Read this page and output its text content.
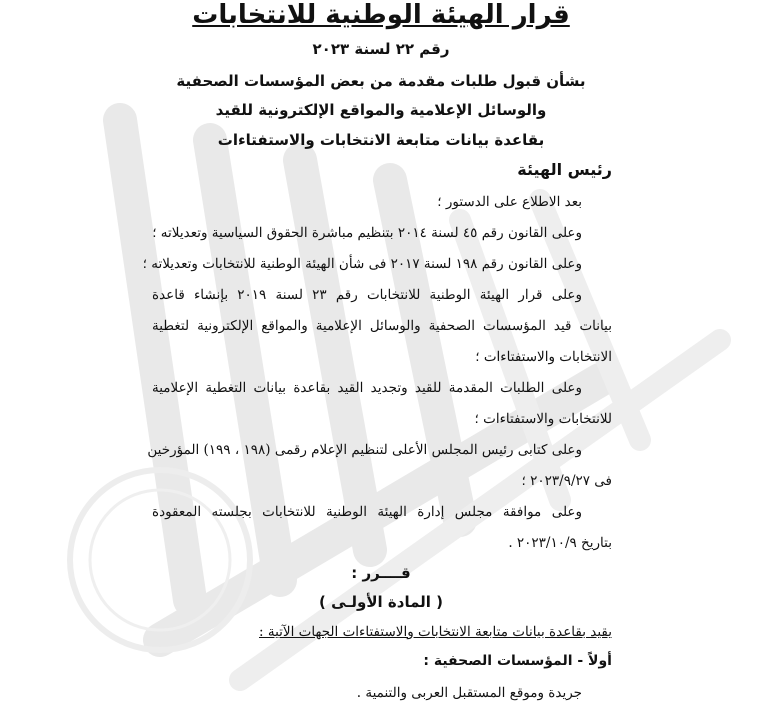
قرار الهيئة الوطنية للانتخابات
رقم ٢٢ لسنة ٢٠٢٣
بشأن قبول طلبات مقدمة من بعض المؤسسات الصحفية
والوسائل الإعلامية والمواقع الإلكترونية للقيد
بقاعدة بيانات متابعة الانتخابات والاستفتاءات
رئيس الهيئة
بعد الاطلاع على الدستور ؛
وعلى القانون رقم ٤٥ لسنة ٢٠١٤ بتنظيم مباشرة الحقوق السياسية وتعديلاته ؛
وعلى القانون رقم ١٩٨ لسنة ٢٠١٧ فى شأن الهيئة الوطنية للانتخابات وتعديلاته ؛
وعلى قرار الهيئة الوطنية للانتخابات رقم ٢٣ لسنة ٢٠١٩ بإنشاء قاعدة
بيانات قيد المؤسسات الصحفية والوسائل الإعلامية والمواقع الإلكترونية لتغطية
الانتخابات والاستفتاءات ؛
وعلى الطلبات المقدمة للقيد وتجديد القيد بقاعدة بيانات التغطية الإعلامية
للانتخابات والاستفتاءات ؛
وعلى كتابى رئيس المجلس الأعلى لتنظيم الإعلام رقمى (١٩٨ ، ١٩٩) المؤرخين
فى ٢٠٢٣/٩/٢٧ ؛
وعلى موافقة مجلس إدارة الهيئة الوطنية للانتخابات بجلسته المعقودة
بتاريخ ٢٠٢٣/١٠/٩ .
قــــرر :
( المادة الأولـى )
يقيد بقاعدة بيانات متابعة الانتخابات والاستفتاءات الجهات الآتية :
أولاً - المؤسسات الصحفية :
جريدة وموقع المستقبل العربى والتنمية .
